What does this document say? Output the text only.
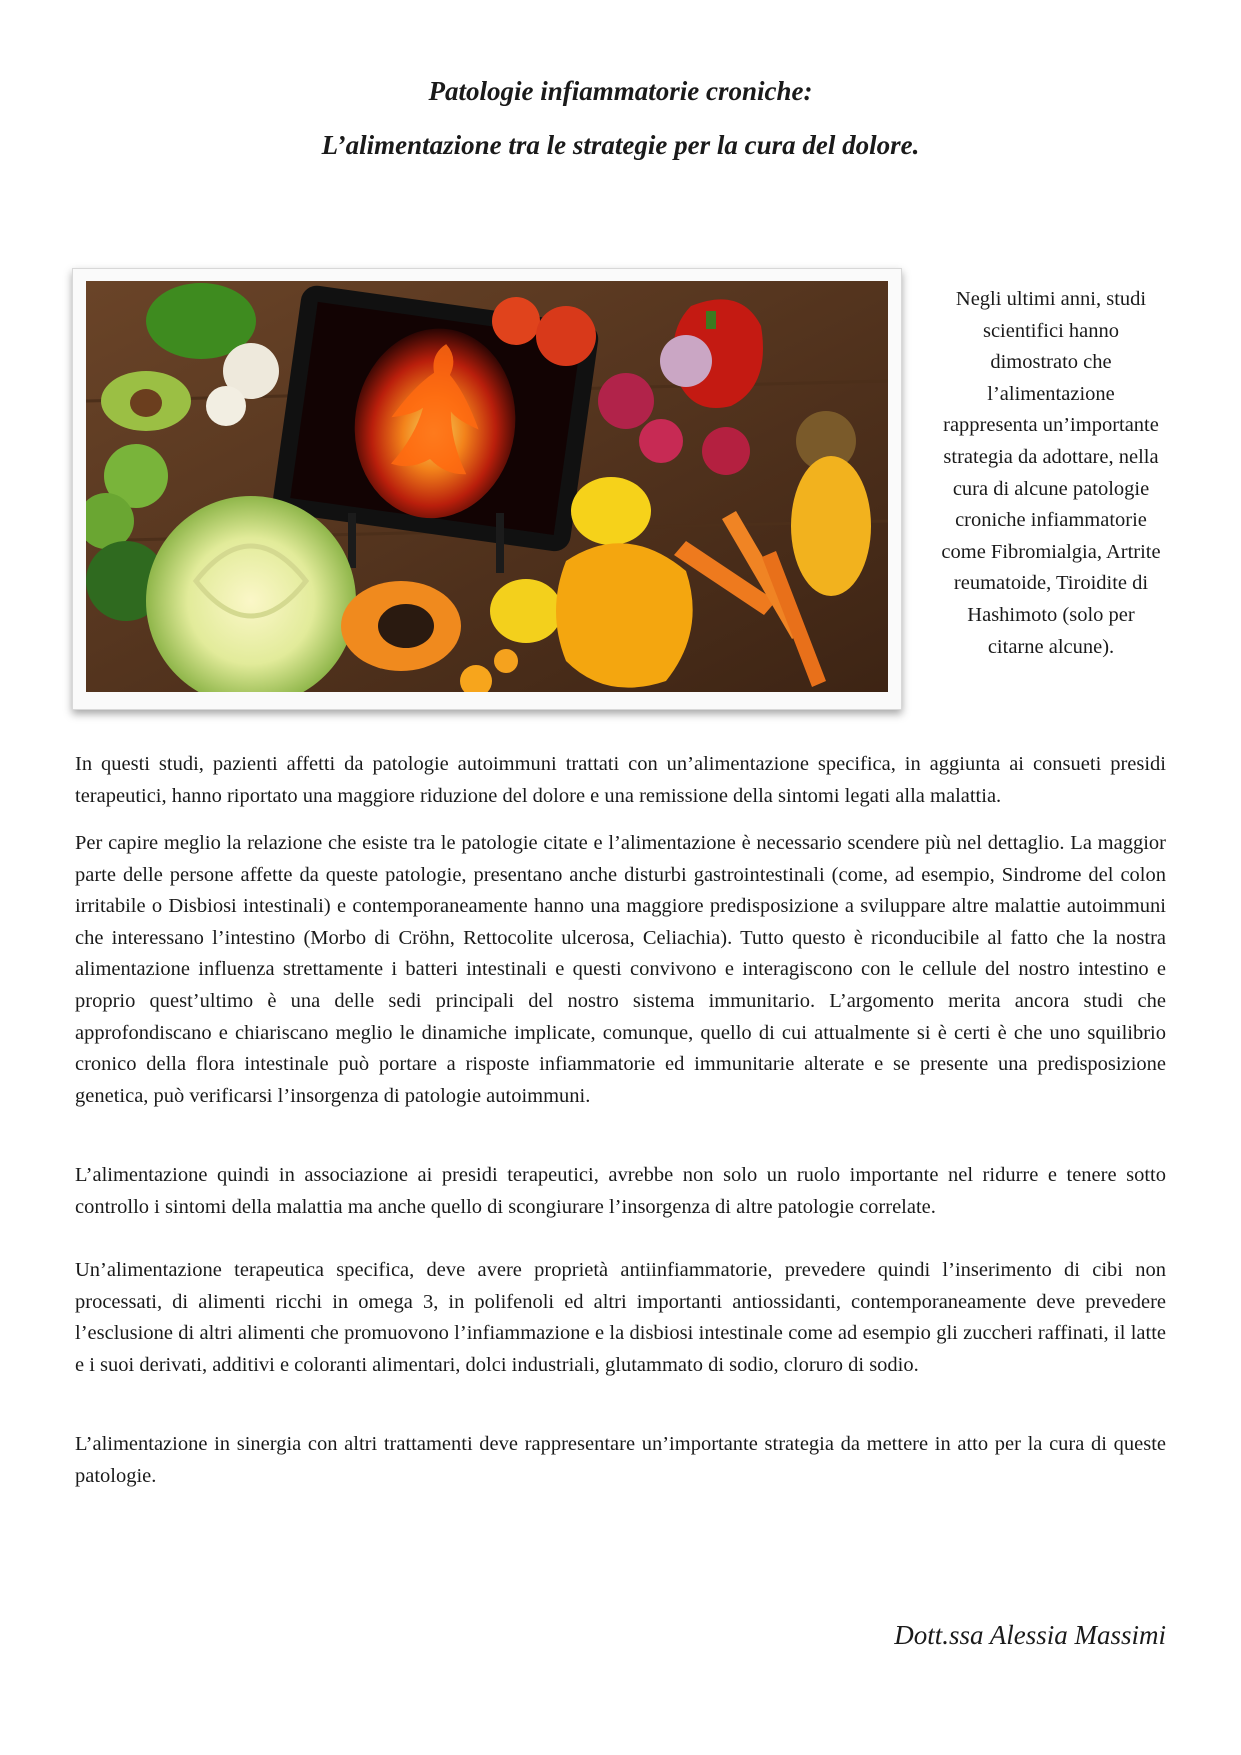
Patologie infiammatorie croniche:
L’alimentazione tra le strategie per la cura del dolore.

Negli ultimi anni, studi scientifici hanno dimostrato che l’alimentazione rappresenta un’importante strategia da adottare, nella cura di alcune patologie croniche infiammatorie come Fibromialgia, Artrite reumatoide, Tiroidite di Hashimoto (solo per citarne alcune).

In questi studi, pazienti affetti da patologie autoimmuni trattati con un’alimentazione specifica, in aggiunta ai consueti presidi terapeutici, hanno riportato una maggiore riduzione del dolore e una remissione della sintomi legati alla malattia.

Per capire meglio la relazione che esiste tra le patologie citate e l’alimentazione è necessario scendere più nel dettaglio. La maggior parte delle persone affette da queste patologie, presentano anche disturbi gastrointestinali (come, ad esempio, Sindrome del colon irritabile o Disbiosi intestinali) e contemporaneamente hanno una maggiore predisposizione a sviluppare altre malattie autoimmuni che interessano l’intestino (Morbo di Cröhn, Rettocolite ulcerosa, Celiachia). Tutto questo è riconducibile al fatto che la nostra alimentazione influenza strettamente i batteri intestinali e questi convivono e interagiscono con le cellule del nostro intestino e proprio quest’ultimo è una delle sedi principali del nostro sistema immunitario. L’argomento merita ancora studi che approfondiscano e chiariscano meglio le dinamiche implicate, comunque, quello di cui attualmente si è certi è che uno squilibrio cronico della flora intestinale può portare a risposte infiammatorie ed immunitarie alterate e se presente una predisposizione genetica, può verificarsi l’insorgenza di patologie autoimmuni.

L’alimentazione quindi in associazione ai presidi terapeutici, avrebbe non solo un ruolo importante nel ridurre e tenere sotto controllo i sintomi della malattia ma anche quello di scongiurare l’insorgenza di altre patologie correlate.

Un’alimentazione terapeutica specifica, deve avere proprietà antiinfiammatorie, prevedere quindi l’inserimento di cibi non processati, di alimenti ricchi in omega 3, in polifenoli ed altri importanti antiossidanti, contemporaneamente deve prevedere l’esclusione di altri alimenti che promuovono l’infiammazione e la disbiosi intestinale come ad esempio gli zuccheri raffinati, il latte e i suoi derivati, additivi e coloranti alimentari, dolci industriali, glutammato di sodio, cloruro di sodio.

L’alimentazione in sinergia con altri trattamenti deve rappresentare un’importante strategia da mettere in atto per la cura di queste patologie.

Dott.ssa Alessia Massimi
